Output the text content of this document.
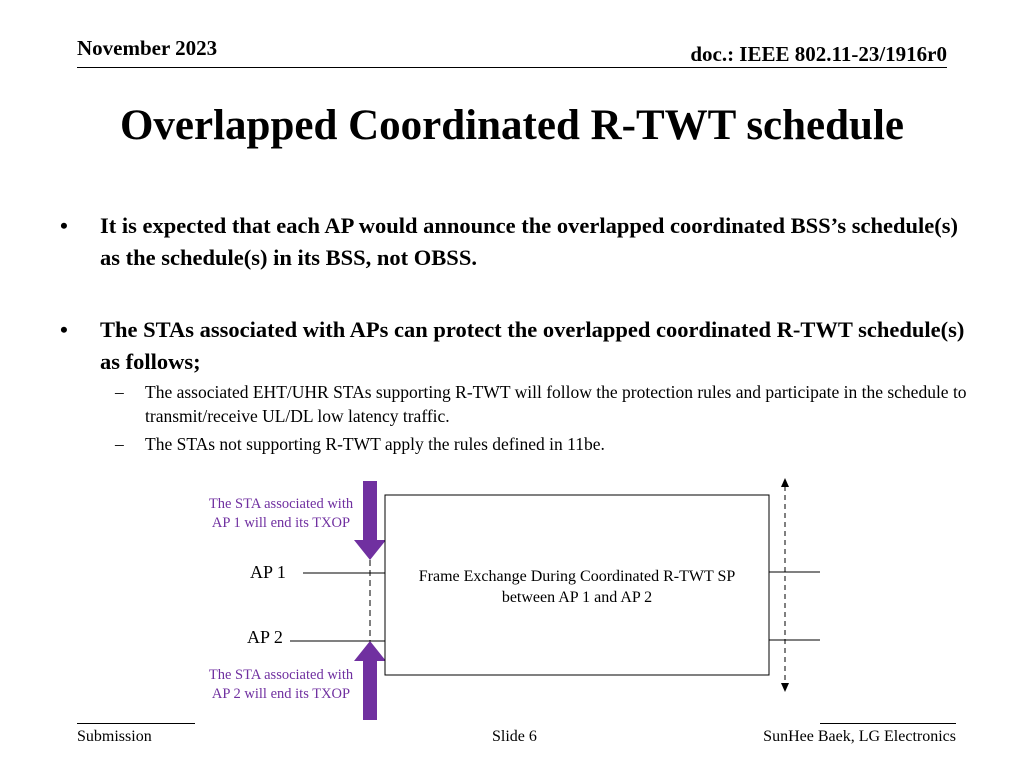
November 2023	doc.: IEEE 802.11-23/1916r0
Overlapped Coordinated R-TWT schedule
• It is expected that each AP would announce the overlapped coordinated BSS’s schedule(s) as the schedule(s) in its BSS, not OBSS.
• The STAs associated with APs can protect the overlapped coordinated R-TWT schedule(s) as follows;
– The associated EHT/UHR STAs supporting R-TWT will follow the protection rules and participate in the schedule to transmit/receive UL/DL low latency traffic.
– The STAs not supporting R-TWT apply the rules defined in 11be.
The STA associated with
AP 1 will end its TXOP
The STA associated with
AP 2 will end its TXOP
AP 1
AP 2
Frame Exchange During Coordinated R-TWT SP
between AP 1 and AP 2
Submission	Slide 6	SunHee Baek, LG Electronics
